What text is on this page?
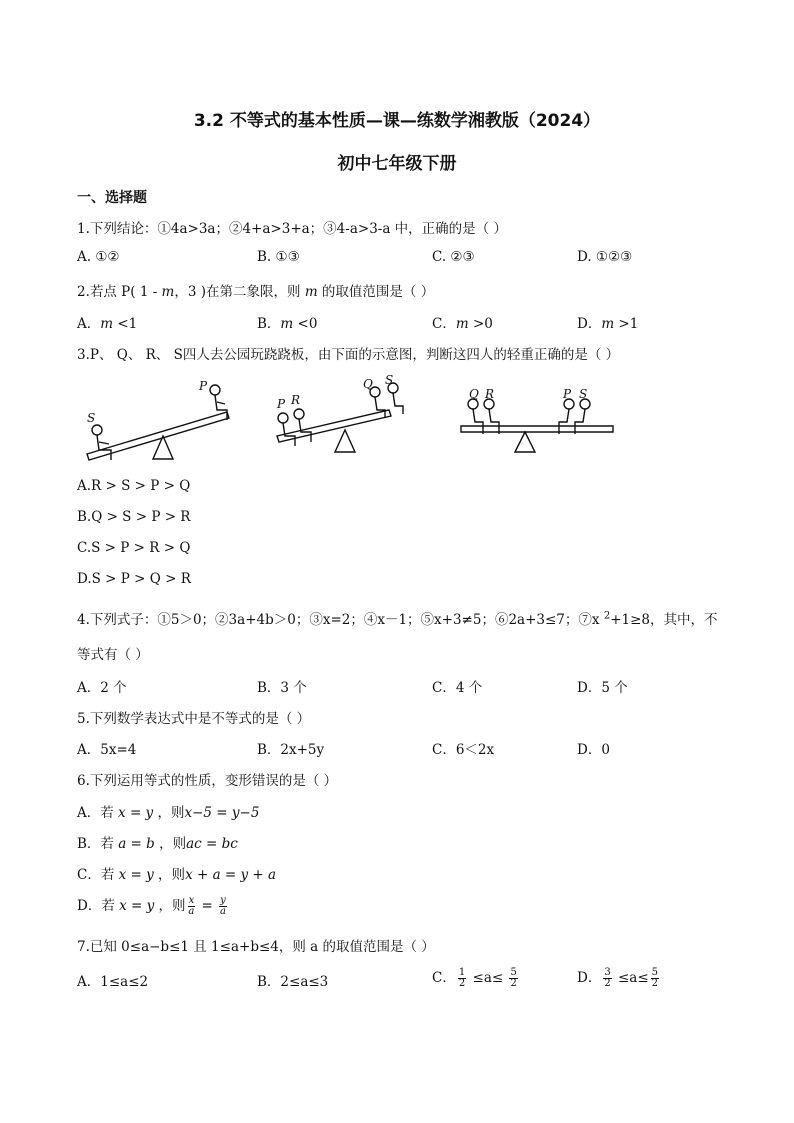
3.2 不等式的基本性质—课—练数学湘教版（2024）
初中七年级下册
一、选择题
1.下列结论：①4a>3a；②4+a>3+a；③4-a>3-a 中，正确的是（ ）
A. ①②	B. ①③	C. ②③	D. ①②③
2.若点 P( 1 - m，3 )在第二象限，则 m 的取值范围是（ ）
A．m <1	B．m <0	C．m >0	D．m >1
3.P、 Q、 R、 S四人去公园玩跷跷板，由下面的示意图，判断这四人的轻重正确的是（ ）
S
P
P R
Q S
Q R	P S
A.R > S > P > Q
B.Q > S > P > R
C.S > P > R > Q
D.S > P > Q > R
4.下列式子：①5＞0；②3a+4b＞0；③x=2；④x－1；⑤x+3≠5；⑥2a+3≤7；⑦x $^2$+1≥8，其中，不
等式有（ ）
A．2 个	B．3 个	C．4 个	D．5 个
5.下列数学表达式中是不等式的是（ ）
A．5x=4	B．2x+5y	C．6＜2x	D．0
6.下列运用等式的性质，变形错误的是（ ）
A．若 x = y ，则x−5 = y−5
B．若 a = b ，则ac = bc
C．若 x = y ，则x + a = y + a
D．若 x = y ，则 $\frac{x}{a} = \frac{y}{a}$
7.已知 0≤a−b≤1 且 1≤a+b≤4，则 a 的取值范围是（ ）
A．1≤a≤2	B．2≤a≤3	C． $\frac{1}{2} \le a\le \frac{5}{2}$	D． $\frac{3}{2} \le a\le \frac{5}{2}$
